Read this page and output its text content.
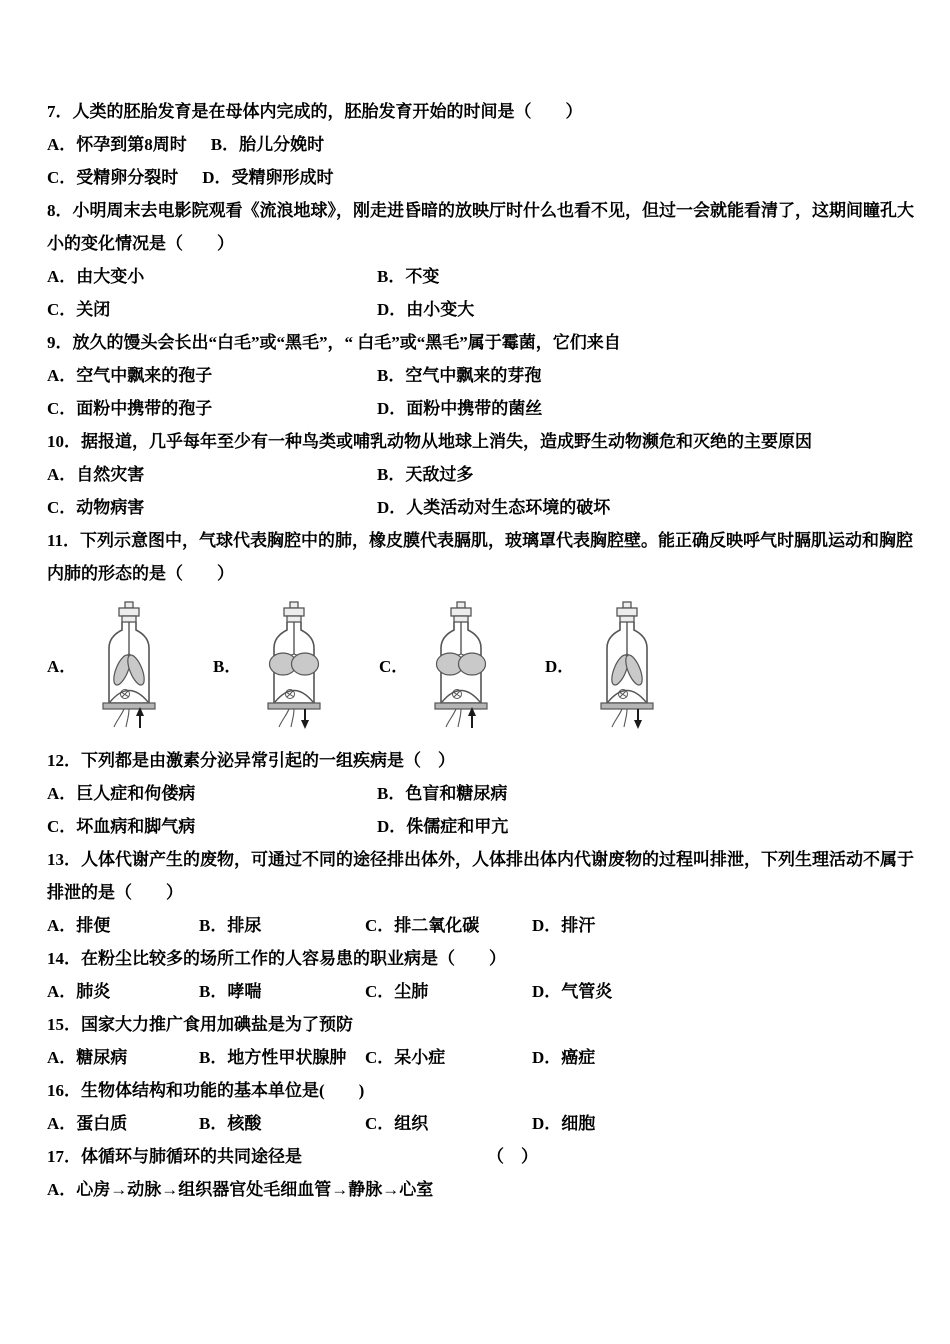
7．人类的胚胎发育是在母体内完成的，胚胎发育开始的时间是（　　）

A．怀孕到第8周时 B．胎儿分娩时

C．受精卵分裂时 D．受精卵形成时

8．小明周末去电影院观看《流浪地球》，刚走进昏暗的放映厅时什么也看不见，但过一会就能看清了，这期间瞳孔大

小的变化情况是（　　）

A．由大变小	B．不变

C．关闭	D．由小变大

9．放久的馒头会长出“白毛”或“黑毛”，“ 白毛”或“黑毛”属于霉菌，它们来自

A．空气中飘来的孢子	B．空气中飘来的芽孢

C．面粉中携带的孢子	D．面粉中携带的菌丝

10．据报道，几乎每年至少有一种鸟类或哺乳动物从地球上消失，造成野生动物濒危和灭绝的主要原因

A．自然灾害	B．天敌过多

C．动物病害	D．人类活动对生态环境的破坏

11．下列示意图中，气球代表胸腔中的肺，橡皮膜代表膈肌，玻璃罩代表胸腔壁。能正确反映呼气时膈肌运动和胸腔

内肺的形态的是（　　）

A．	B．	C．	D．

12．下列都是由激素分泌异常引起的一组疾病是（　）

A．巨人症和佝偻病	B．色盲和糖尿病

C．坏血病和脚气病	D．侏儒症和甲亢

13．人体代谢产生的废物，可通过不同的途径排出体外，人体排出体内代谢废物的过程叫排泄，下列生理活动不属于

排泄的是（　　）

A．排便	B．排尿	C．排二氧化碳	D．排汗

14．在粉尘比较多的场所工作的人容易患的职业病是（　　）

A．肺炎	B．哮喘	C．尘肺	D．气管炎

15．国家大力推广食用加碘盐是为了预防

A．糖尿病	B．地方性甲状腺肿	C．呆小症	D．癌症

16．生物体结构和功能的基本单位是(　　)

A．蛋白质	B．核酸	C．组织	D．细胞

17．体循环与肺循环的共同途径是	（　）

A．心房→动脉→组织器官处毛细血管→静脉→心室
